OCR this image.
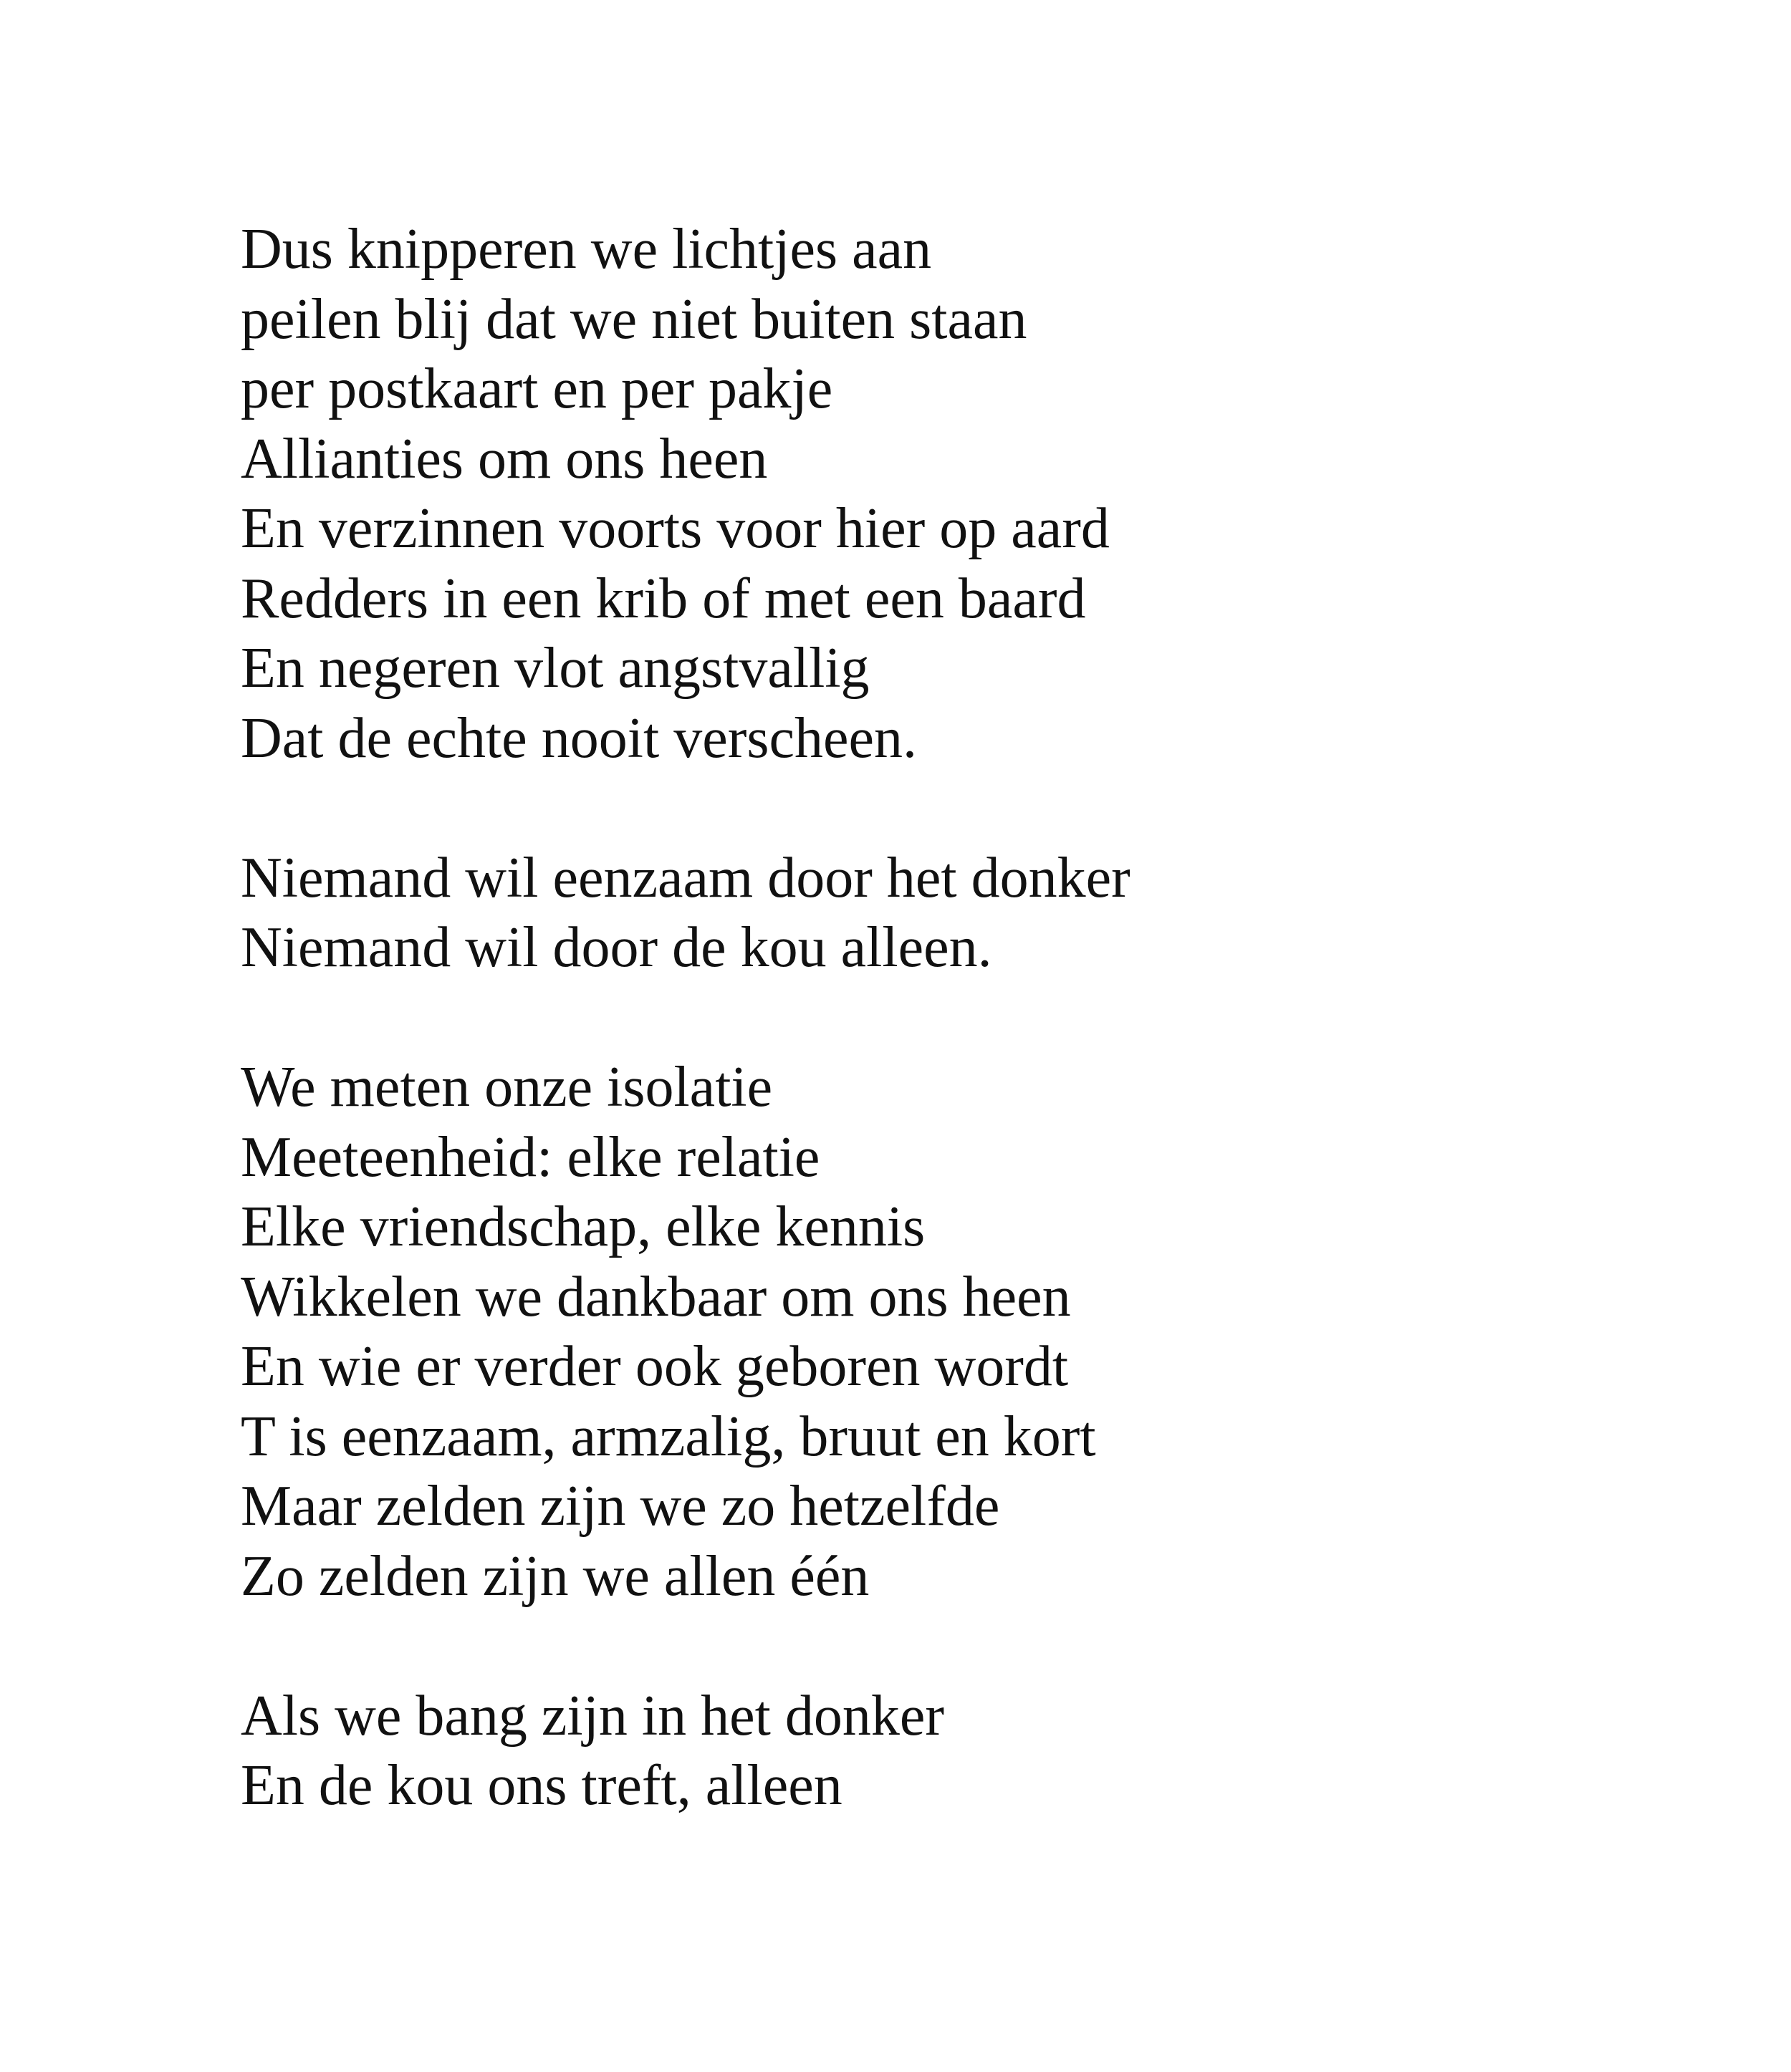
Dus knipperen we lichtjes aan
peilen blij dat we niet buiten staan
per postkaart en per pakje
Allianties om ons heen
En verzinnen voorts voor hier op aard
Redders in een krib of met een baard
En negeren vlot angstvallig
Dat de echte nooit verscheen.
Niemand wil eenzaam door het donker
Niemand wil door de kou alleen.
We meten onze isolatie
Meeteenheid: elke relatie
Elke vriendschap, elke kennis
Wikkelen we dankbaar om ons heen
En wie er verder ook geboren wordt
T is eenzaam, armzalig, bruut en kort
Maar zelden zijn we zo hetzelfde
Zo zelden zijn we allen één
Als we bang zijn in het donker
En de kou ons treft, alleen
